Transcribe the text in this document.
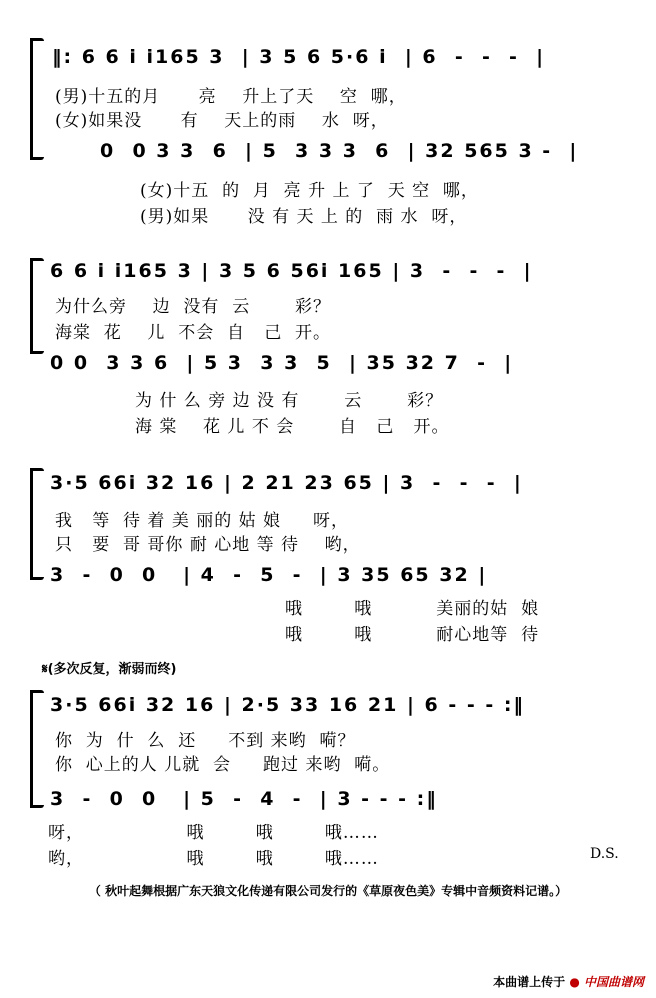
‖: 6 6 i i165 3  | 3 5 6 5·6 i  | 6  -  -  -  |
(男)十五的月      亮    升上了天    空  哪，
(女)如果没      有    天上的雨    水  呀，
0  0 3 3  6  | 5  3 3 3  6  | 32 565 3 -  |
(女)十五  的  月  亮 升 上 了  天 空  哪，
(男)如果      没 有 天 上 的  雨 水  呀，
6 6 i i165 3 | 3 5 6 56i 165 | 3  -  -  -  |
为什么旁    边  没有  云       彩？
海棠  花    儿  不会  自   己  开。
0 0  3 3 6  | 5 3  3 3  5  | 35 32 7  -  |
为 什 么 旁 边 没 有       云       彩？
海 棠    花 儿 不 会       自   己   开。
3·5 66i 32 16 | 2 21 23 65 | 3  -  -  -  |
我   等  待 着 美 丽的 姑 娘     呀，
只   要  哥 哥你 耐 心地 等 待    哟，
3  -  0  0   | 4  -  5  -  | 3 35 65 32 |
哦        哦          美丽的姑  娘
哦        哦          耐心地等  待
𝄋(多次反复，渐弱而终)
3·5 66i 32 16 | 2·5 33 16 21 | 6 - - - :‖
你  为  什  么  还     不到 来哟  嗬？
你  心上的人 儿就  会     跑过 来哟  嗬。
3  -  0  0   | 5  -  4  -  | 3 - - - :‖
呀，                哦        哦        哦……
哟，                哦        哦        哦……	D.S.
（ 秋叶起舞根据广东天狼文化传递有限公司发行的《草原夜色美》专辑中音频资料记谱。）
本曲谱上传于 ● 中国曲谱网
